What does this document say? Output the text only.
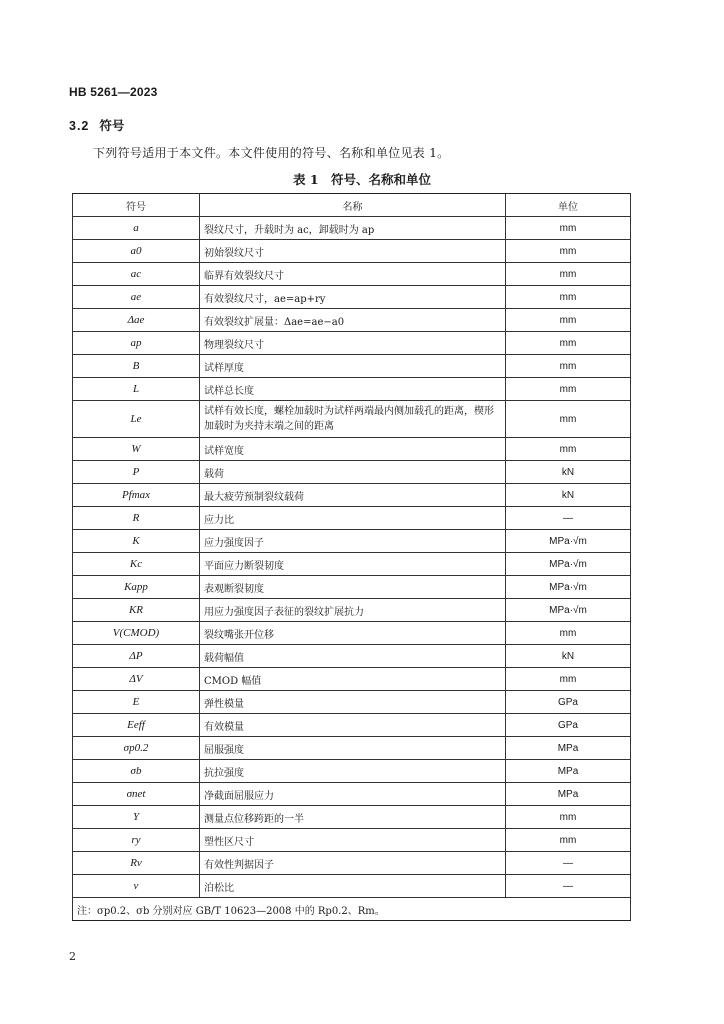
HB 5261—2023
3.2 符号
下列符号适用于本文件。本文件使用的符号、名称和单位见表 1。
表 1　符号、名称和单位
符号	名称	单位
a	裂纹尺寸，升载时为 ac，卸载时为 ap	mm
a0	初始裂纹尺寸	mm
ac	临界有效裂纹尺寸	mm
ae	有效裂纹尺寸，ae=ap+ry	mm
Δae	有效裂纹扩展量：Δae=ae−a0	mm
ap	物理裂纹尺寸	mm
B	试样厚度	mm
L	试样总长度	mm
Le	试样有效长度，螺栓加载时为试样两端最内侧加载孔的距离，楔形加载时为夹持末端之间的距离	mm
W	试样宽度	mm
P	载荷	kN
Pfmax	最大疲劳预制裂纹载荷	kN
R	应力比	—
K	应力强度因子	MPa·√m
Kc	平面应力断裂韧度	MPa·√m
Kapp	表观断裂韧度	MPa·√m
KR	用应力强度因子表征的裂纹扩展抗力	MPa·√m
V(CMOD)	裂纹嘴张开位移	mm
ΔP	载荷幅值	kN
ΔV	CMOD 幅值	mm
E	弹性模量	GPa
Eeff	有效模量	GPa
σp0.2	屈服强度	MPa
σb	抗拉强度	MPa
σnet	净截面屈服应力	MPa
Y	测量点位移跨距的一半	mm
ry	塑性区尺寸	mm
Rv	有效性判据因子	—
ν	泊松比	—
注：σp0.2、σb 分别对应 GB/T 10623—2008 中的 Rp0.2、Rm。		
2
